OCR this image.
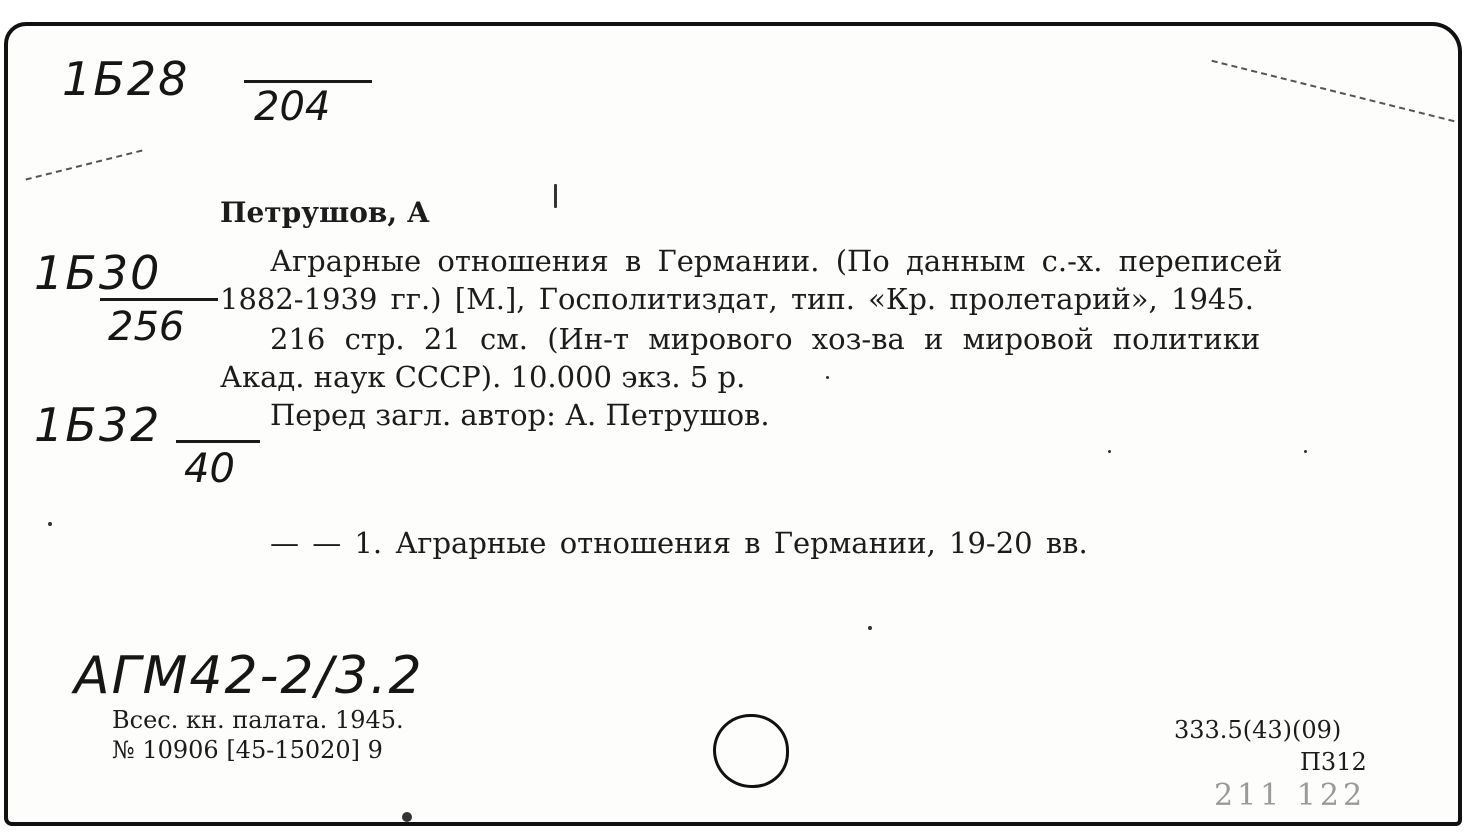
1Б28
204
1Б30
256
1Б32
40
Петрушов, А
Аграрные отношения в Германии. (По данным с.-х. переписей
1882-1939 гг.) [М.], Госполитиздат, тип. «Кр. пролетарий», 1945.
216 стр. 21 см. (Ин-т мирового хоз-ва и мировой политики
Акад. наук СССР). 10.000 экз. 5 р.
Перед загл. автор: А. Петрушов.
— — 1. Аграрные отношения в Германии, 19-20 вв.
АГМ42-2/3.2
Всес. кн. палата. 1945.
№ 10906 [45-15020] 9
333.5(43)(09)
П312
211 122
